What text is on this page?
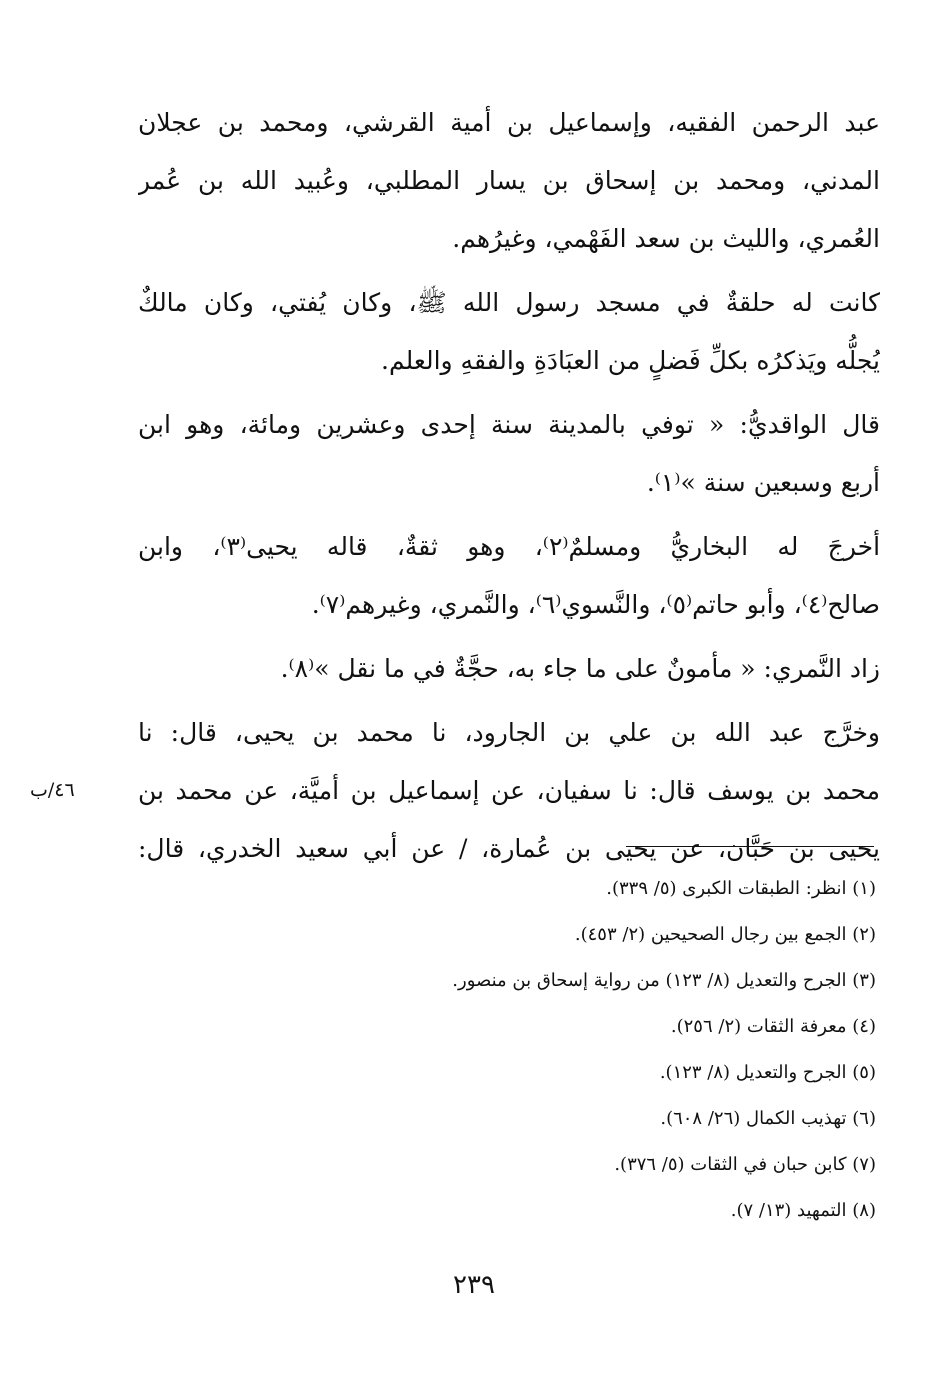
عبد الرحمن الفقيه، وإسماعيل بن أمية القرشي، ومحمد بن عجلان
المدني، ومحمد بن إسحاق بن يسار المطلبي، وعُبيد الله بن عُمر
العُمري، والليث بن سعد الفَهْمي، وغيرُهم.
كانت له حلقةٌ في مسجد رسول الله ﷺ، وكان يُفتي، وكان مالكٌ
يُجلُّه ويَذكرُه بكلِّ فَضلٍ من العبَادَةِ والفقهِ والعلم.
قال الواقديُّ: « توفي بالمدينة سنة إحدى وعشرين ومائة، وهو ابن
أربع وسبعين سنة »⁽١⁾.
أخرجَ له البخاريُّ ومسلمٌ⁽٢⁾، وهو ثقةٌ، قاله يحيى⁽٣⁾، وابن
صالح⁽٤⁾، وأبو حاتم⁽٥⁾، والنَّسوي⁽٦⁾، والنَّمري، وغيرهم⁽٧⁾.
زاد النَّمري: « مأمونٌ على ما جاء به، حجَّةٌ في ما نقل »⁽٨⁾.
وخرَّج عبد الله بن علي بن الجارود، نا محمد بن يحيى، قال: نا
محمد بن يوسف قال: نا سفيان، عن إسماعيل بن أميَّة، عن محمد بن
يحيى بن حَبَّان، عن يحيى بن عُمارة، / عن أبي سعيد الخدري، قال:
٤٦/ب
(١) انظر: الطبقات الكبرى (٥/ ٣٣٩).
(٢) الجمع بين رجال الصحيحين (٢/ ٤٥٣).
(٣) الجرح والتعديل (٨/ ١٢٣) من رواية إسحاق بن منصور.
(٤) معرفة الثقات (٢/ ٢٥٦).
(٥) الجرح والتعديل (٨/ ١٢٣).
(٦) تهذيب الكمال (٢٦/ ٦٠٨).
(٧) كابن حبان في الثقات (٥/ ٣٧٦).
(٨) التمهيد (١٣/ ٧).
٢٣٩
